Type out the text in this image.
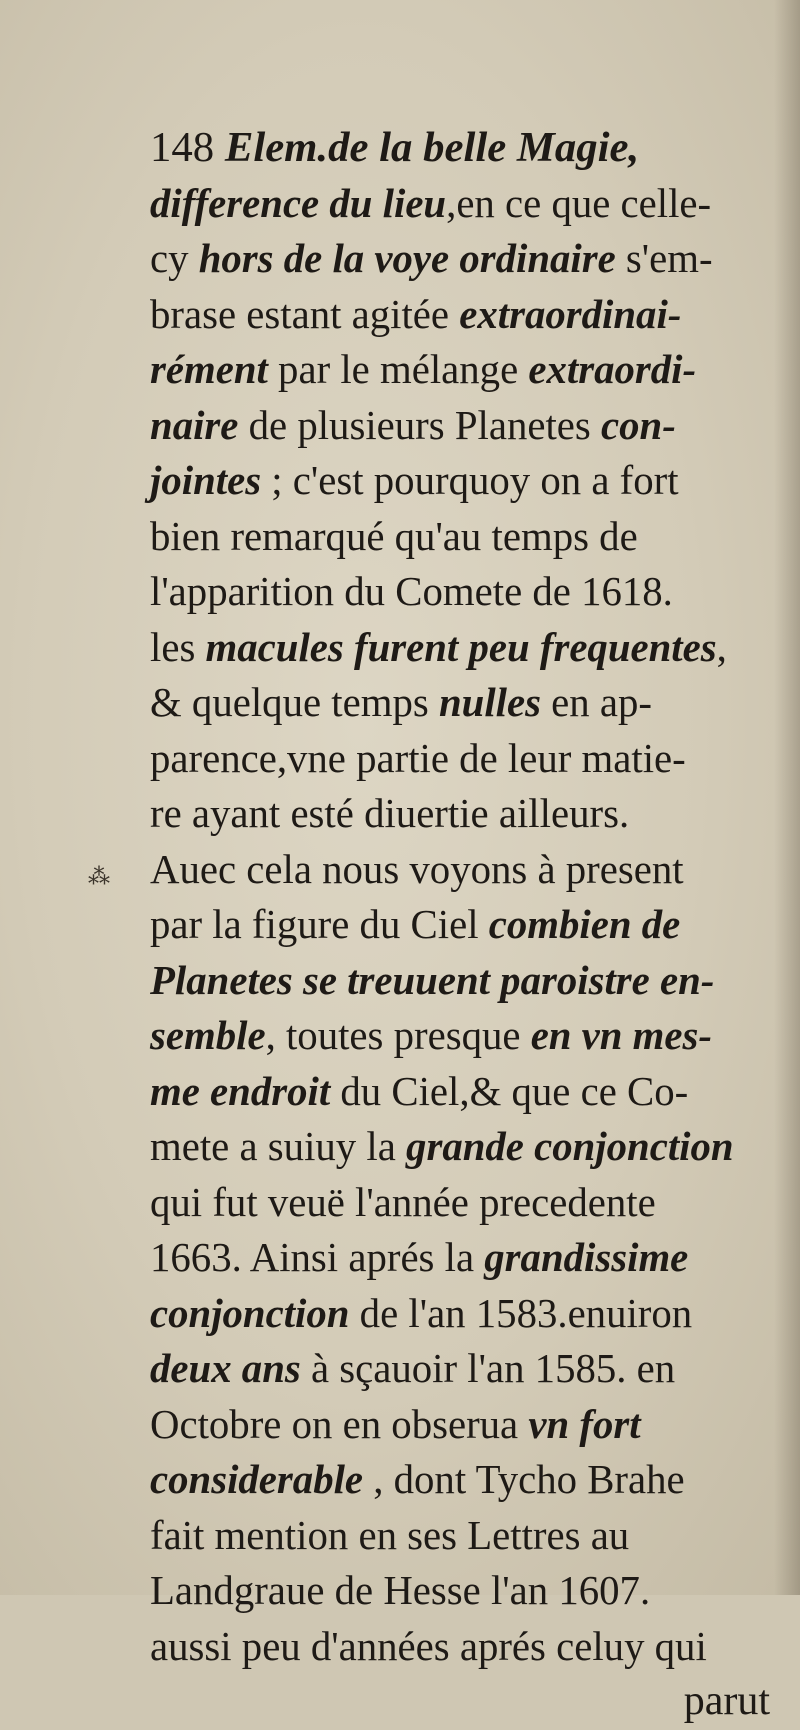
⁂
148 Elem.de la belle Magie,
difference du lieu,en ce que celle-
cy hors de la voye ordinaire s'em-
brase estant agitée extraordinai-
rément par le mélange extraordi-
naire de plusieurs Planetes con-
jointes ; c'est pourquoy on a fort
bien remarqué qu'au temps de
l'apparition du Comete de 1618.
les macules furent peu frequentes,
& quelque temps nulles en ap-
parence,vne partie de leur matie-
re ayant esté diuertie ailleurs.
Auec cela nous voyons à present
par la figure du Ciel combien de
Planetes se treuuent paroistre en-
semble, toutes presque en vn mes-
me endroit du Ciel,& que ce Co-
mete a suiuy la grande conjonction
qui fut veuë l'année precedente
1663. Ainsi aprés la grandissime
conjonction de l'an 1583.enuiron
deux ans à sçauoir l'an 1585. en
Octobre on en obserua vn fort
considerable , dont Tycho Brahe
fait mention en ses Lettres au
Landgraue de Hesse l'an 1607.
aussi peu d'années aprés celuy qui
parut
